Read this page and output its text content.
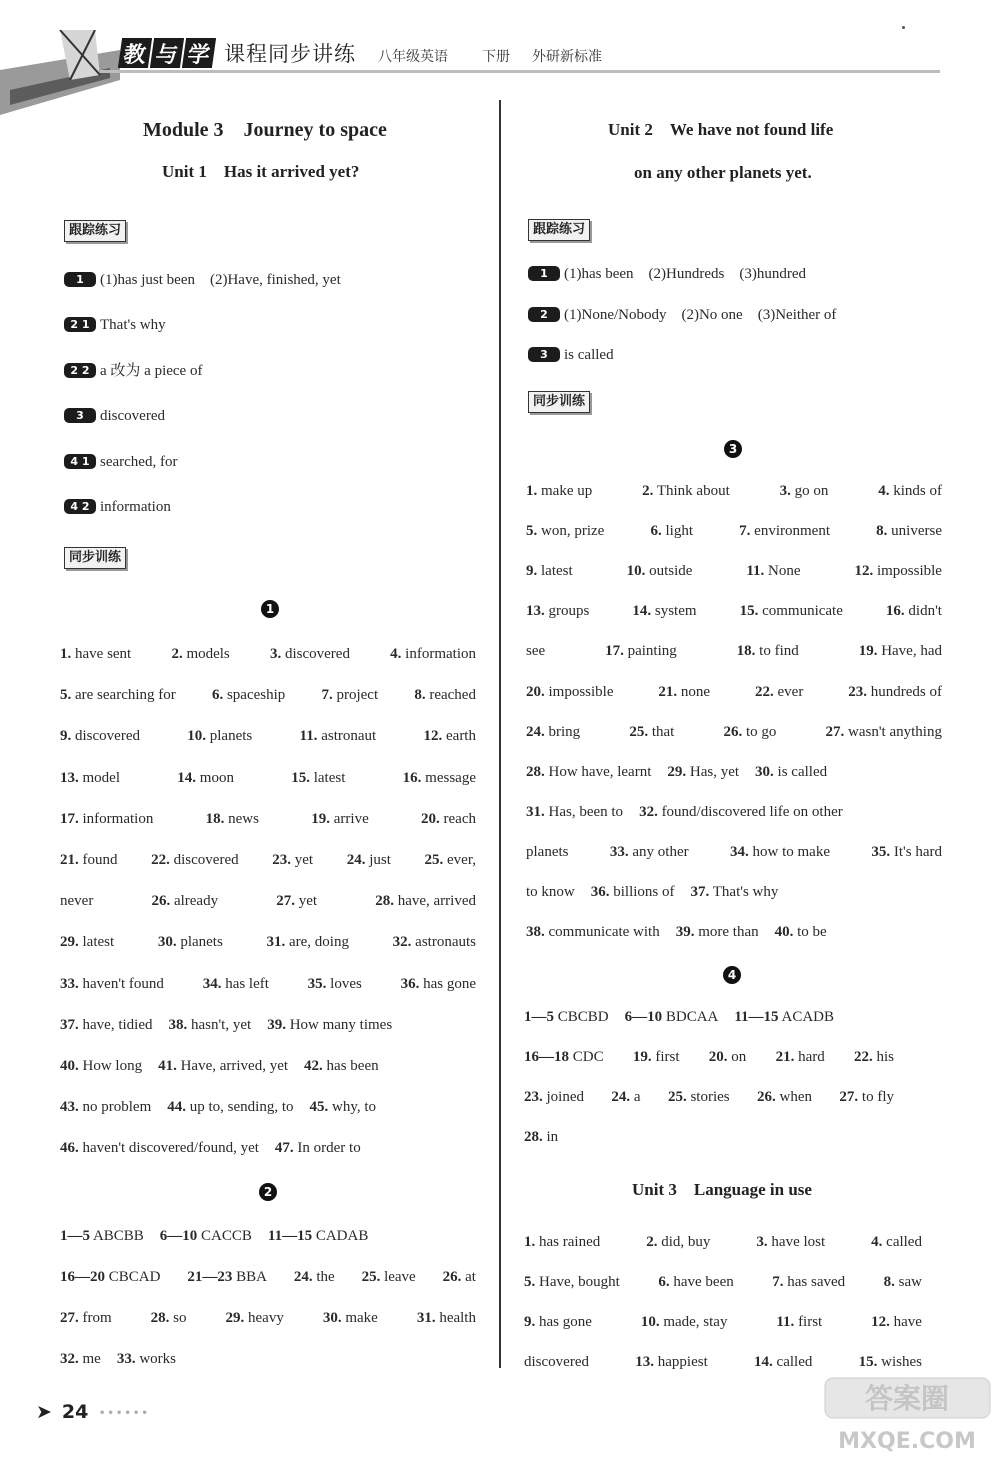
教 与 学 课程同步讲练 八年级英语 下册 外研新标准
Module 3　Journey to space
Unit 1　Has it arrived yet?
跟踪练习
1 (1)has just been　(2)Have, finished, yet
2 1 That's why
2 2 a 改为 a piece of
3 discovered
4 1 searched, for
4 2 information
同步训练
1
1. have sent	2. models	3. discovered	4. information
5. are searching for 6. spaceship 7. project 8. reached
9. discovered	10. planets	11. astronaut	12. earth
13. model	14. moon	15. latest	16. message
17. information	18. news	19. arrive	20. reach
21. found 22. discovered 23. yet 24. just 25. ever,
never	26. already	27. yet	28. have, arrived
29. latest	30. planets	31. are, doing	32. astronauts
33. haven't found	34. has left	35. loves	36. has gone
37. have, tidied 38. hasn't, yet 39. How many times
40. How long 41. Have, arrived, yet 42. has been
43. no problem 44. up to, sending, to 45. why, to
46. haven't discovered/found, yet 47. In order to
2
1—5 ABCBB 6—10 CACCB 11—15 CADAB
16—20 CBCAD 21—23 BBA 24. the 25. leave 26. at
27. from	28. so	29. heavy	30. make	31. health
32. me 33. works
Unit 2　We have not found life
on any other planets yet.
跟踪练习
1 (1)has been　(2)Hundreds　(3)hundred
2 (1)None/Nobody　(2)No one　(3)Neither of
3 is called
同步训练
3
1. make up	2. Think about	3. go on	4. kinds of
5. won, prize	6. light	7. environment	8. universe
9. latest	10. outside	11. None	12. impossible
13. groups	14. system	15. communicate	16. didn't
see	17. painting	18. to find	19. Have, had
20. impossible	21. none	22. ever	23. hundreds of
24. bring	25. that	26. to go	27. wasn't anything
28. How have, learnt 29. Has, yet 30. is called
31. Has, been to 32. found/discovered life on other
planets	33. any other	34. how to make	35. It's hard
to know 36. billions of 37. That's why
38. communicate with 39. more than 40. to be
4
1—5 CBCBD 6—10 BDCAA 11—15 ACADB
16—18 CDC 19. first 20. on 21. hard 22. his
23. joined 24. a 25. stories 26. when 27. to fly
28. in
Unit 3　Language in use
1. has rained	2. did, buy	3. have lost	4. called
5. Have, bought	6. have been	7. has saved	8. saw
9. has gone	10. made, stay	11. first	12. have
discovered	13. happiest	14. called	15. wishes
➤ 24 ∙∙∙∙∙∙	答案圈
MXQE.COM
